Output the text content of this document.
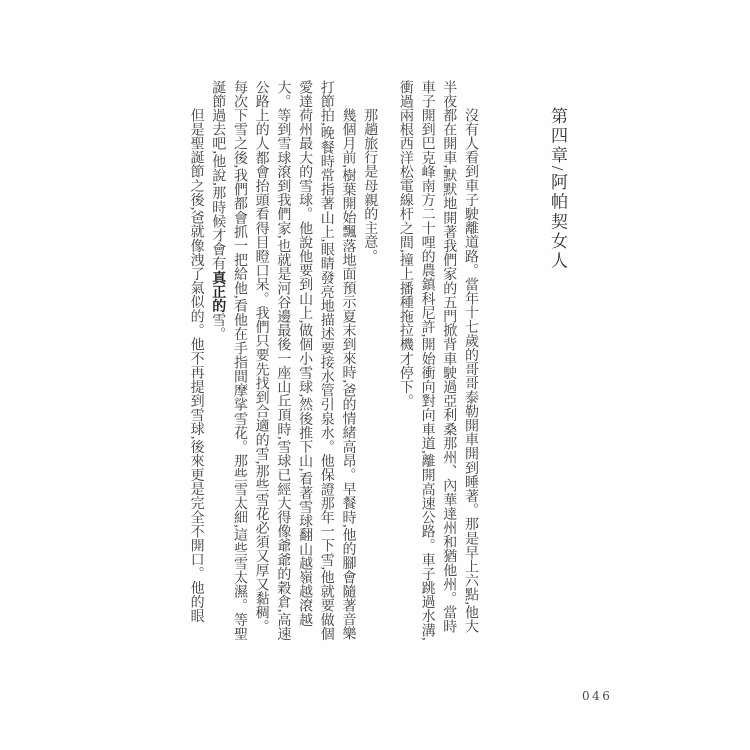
第四章/阿帕契女人

沒有人看到車子駛離道路。當年十七歲的哥哥泰勒開車開到睡著。那是早上六點,他大半夜都在開車,默默地開著我們家的五門掀背車駛過亞利桑那州、內華達州和猶他州。當時車子開到巴克峰南方二十哩的農鎮科尼許,開始衝向對向車道,離開高速公路。車子跳過水溝,衝過兩根西洋松電線杆之間,撞上播種拖拉機才停下。

那趟旅行是母親的主意。

幾個月前,樹葉開始飄落地面預示夏末到來時,爸的情緒高昂。早餐時,他的腳會隨著音樂打節拍,晚餐時常指著山上,眼睛發亮地描述要接水管引泉水。他保證那年一下雪,他就要做個愛達荷州最大的雪球。他說他要到山上,做個小雪球,然後推下山,看著雪球翻山越嶺越滾越大。等到雪球滾到我們家,也就是河谷邊最後一座山丘頂時,雪球已經大得像爺爺的穀倉,高速公路上的人都會抬頭看得目瞪口呆。我們只要先找到合適的雪,那些雪花必須又厚又黏稠。每次下雪之後,我們都會抓一把給他,看他在手指間摩挲雪花。那些雪太細,這些雪太濕。等聖誕節過去吧,他說,那時候才會有真正的雪。

但是聖誕節之後,爸就像洩了氣似的。他不再提到雪球,後來更是完全不開口。他的眼

046
